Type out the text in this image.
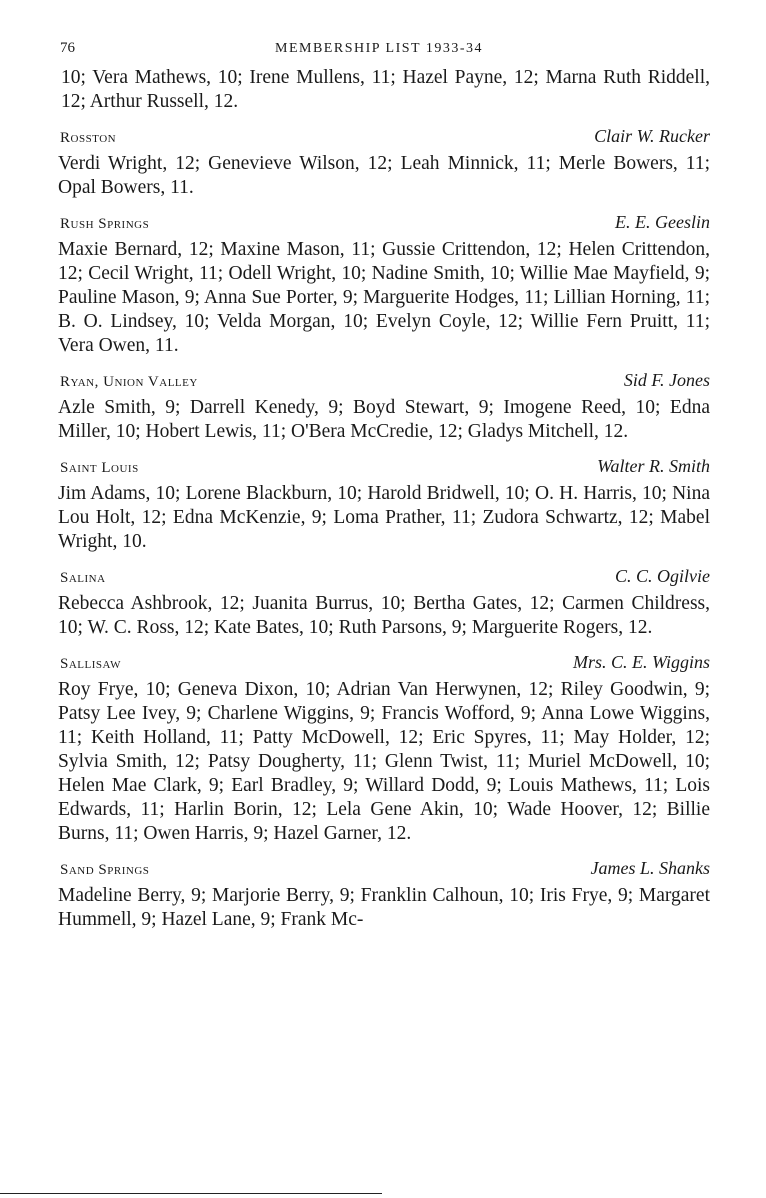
76	MEMBERSHIP LIST 1933-34

10; Vera Mathews, 10; Irene Mullens, 11; Hazel Payne, 12; Marna Ruth Riddell, 12; Arthur Russell, 12.

Rosston	Clair W. Rucker

Verdi Wright, 12; Genevieve Wilson, 12; Leah Minnick, 11; Merle Bowers, 11; Opal Bowers, 11.

Rush Springs	E. E. Geeslin

Maxie Bernard, 12; Maxine Mason, 11; Gussie Crittendon, 12; Helen Crittendon, 12; Cecil Wright, 11; Odell Wright, 10; Nadine Smith, 10; Willie Mae Mayfield, 9; Pauline Mason, 9; Anna Sue Porter, 9; Marguerite Hodges, 11; Lillian Horning, 11; B. O. Lindsey, 10; Velda Morgan, 10; Evelyn Coyle, 12; Willie Fern Pruitt, 11; Vera Owen, 11.

Ryan, Union Valley	Sid F. Jones

Azle Smith, 9; Darrell Kenedy, 9; Boyd Stewart, 9; Imogene Reed, 10; Edna Miller, 10; Hobert Lewis, 11; O'Bera McCredie, 12; Gladys Mitchell, 12.

Saint Louis	Walter R. Smith

Jim Adams, 10; Lorene Blackburn, 10; Harold Bridwell, 10; O. H. Harris, 10; Nina Lou Holt, 12; Edna McKenzie, 9; Loma Prather, 11; Zudora Schwartz, 12; Mabel Wright, 10.

Salina	C. C. Ogilvie

Rebecca Ashbrook, 12; Juanita Burrus, 10; Bertha Gates, 12; Carmen Childress, 10; W. C. Ross, 12; Kate Bates, 10; Ruth Parsons, 9; Marguerite Rogers, 12.

Sallisaw	Mrs. C. E. Wiggins

Roy Frye, 10; Geneva Dixon, 10; Adrian Van Herwynen, 12; Riley Goodwin, 9; Patsy Lee Ivey, 9; Charlene Wiggins, 9; Francis Wofford, 9; Anna Lowe Wiggins, 11; Keith Holland, 11; Patty McDowell, 12; Eric Spyres, 11; May Holder, 12; Sylvia Smith, 12; Patsy Dougherty, 11; Glenn Twist, 11; Muriel McDowell, 10; Helen Mae Clark, 9; Earl Bradley, 9; Willard Dodd, 9; Louis Mathews, 11; Lois Edwards, 11; Harlin Borin, 12; Lela Gene Akin, 10; Wade Hoover, 12; Billie Burns, 11; Owen Harris, 9; Hazel Garner, 12.

Sand Springs	James L. Shanks

Madeline Berry, 9; Marjorie Berry, 9; Franklin Calhoun, 10; Iris Frye, 9; Margaret Hummell, 9; Hazel Lane, 9; Frank Mc-
